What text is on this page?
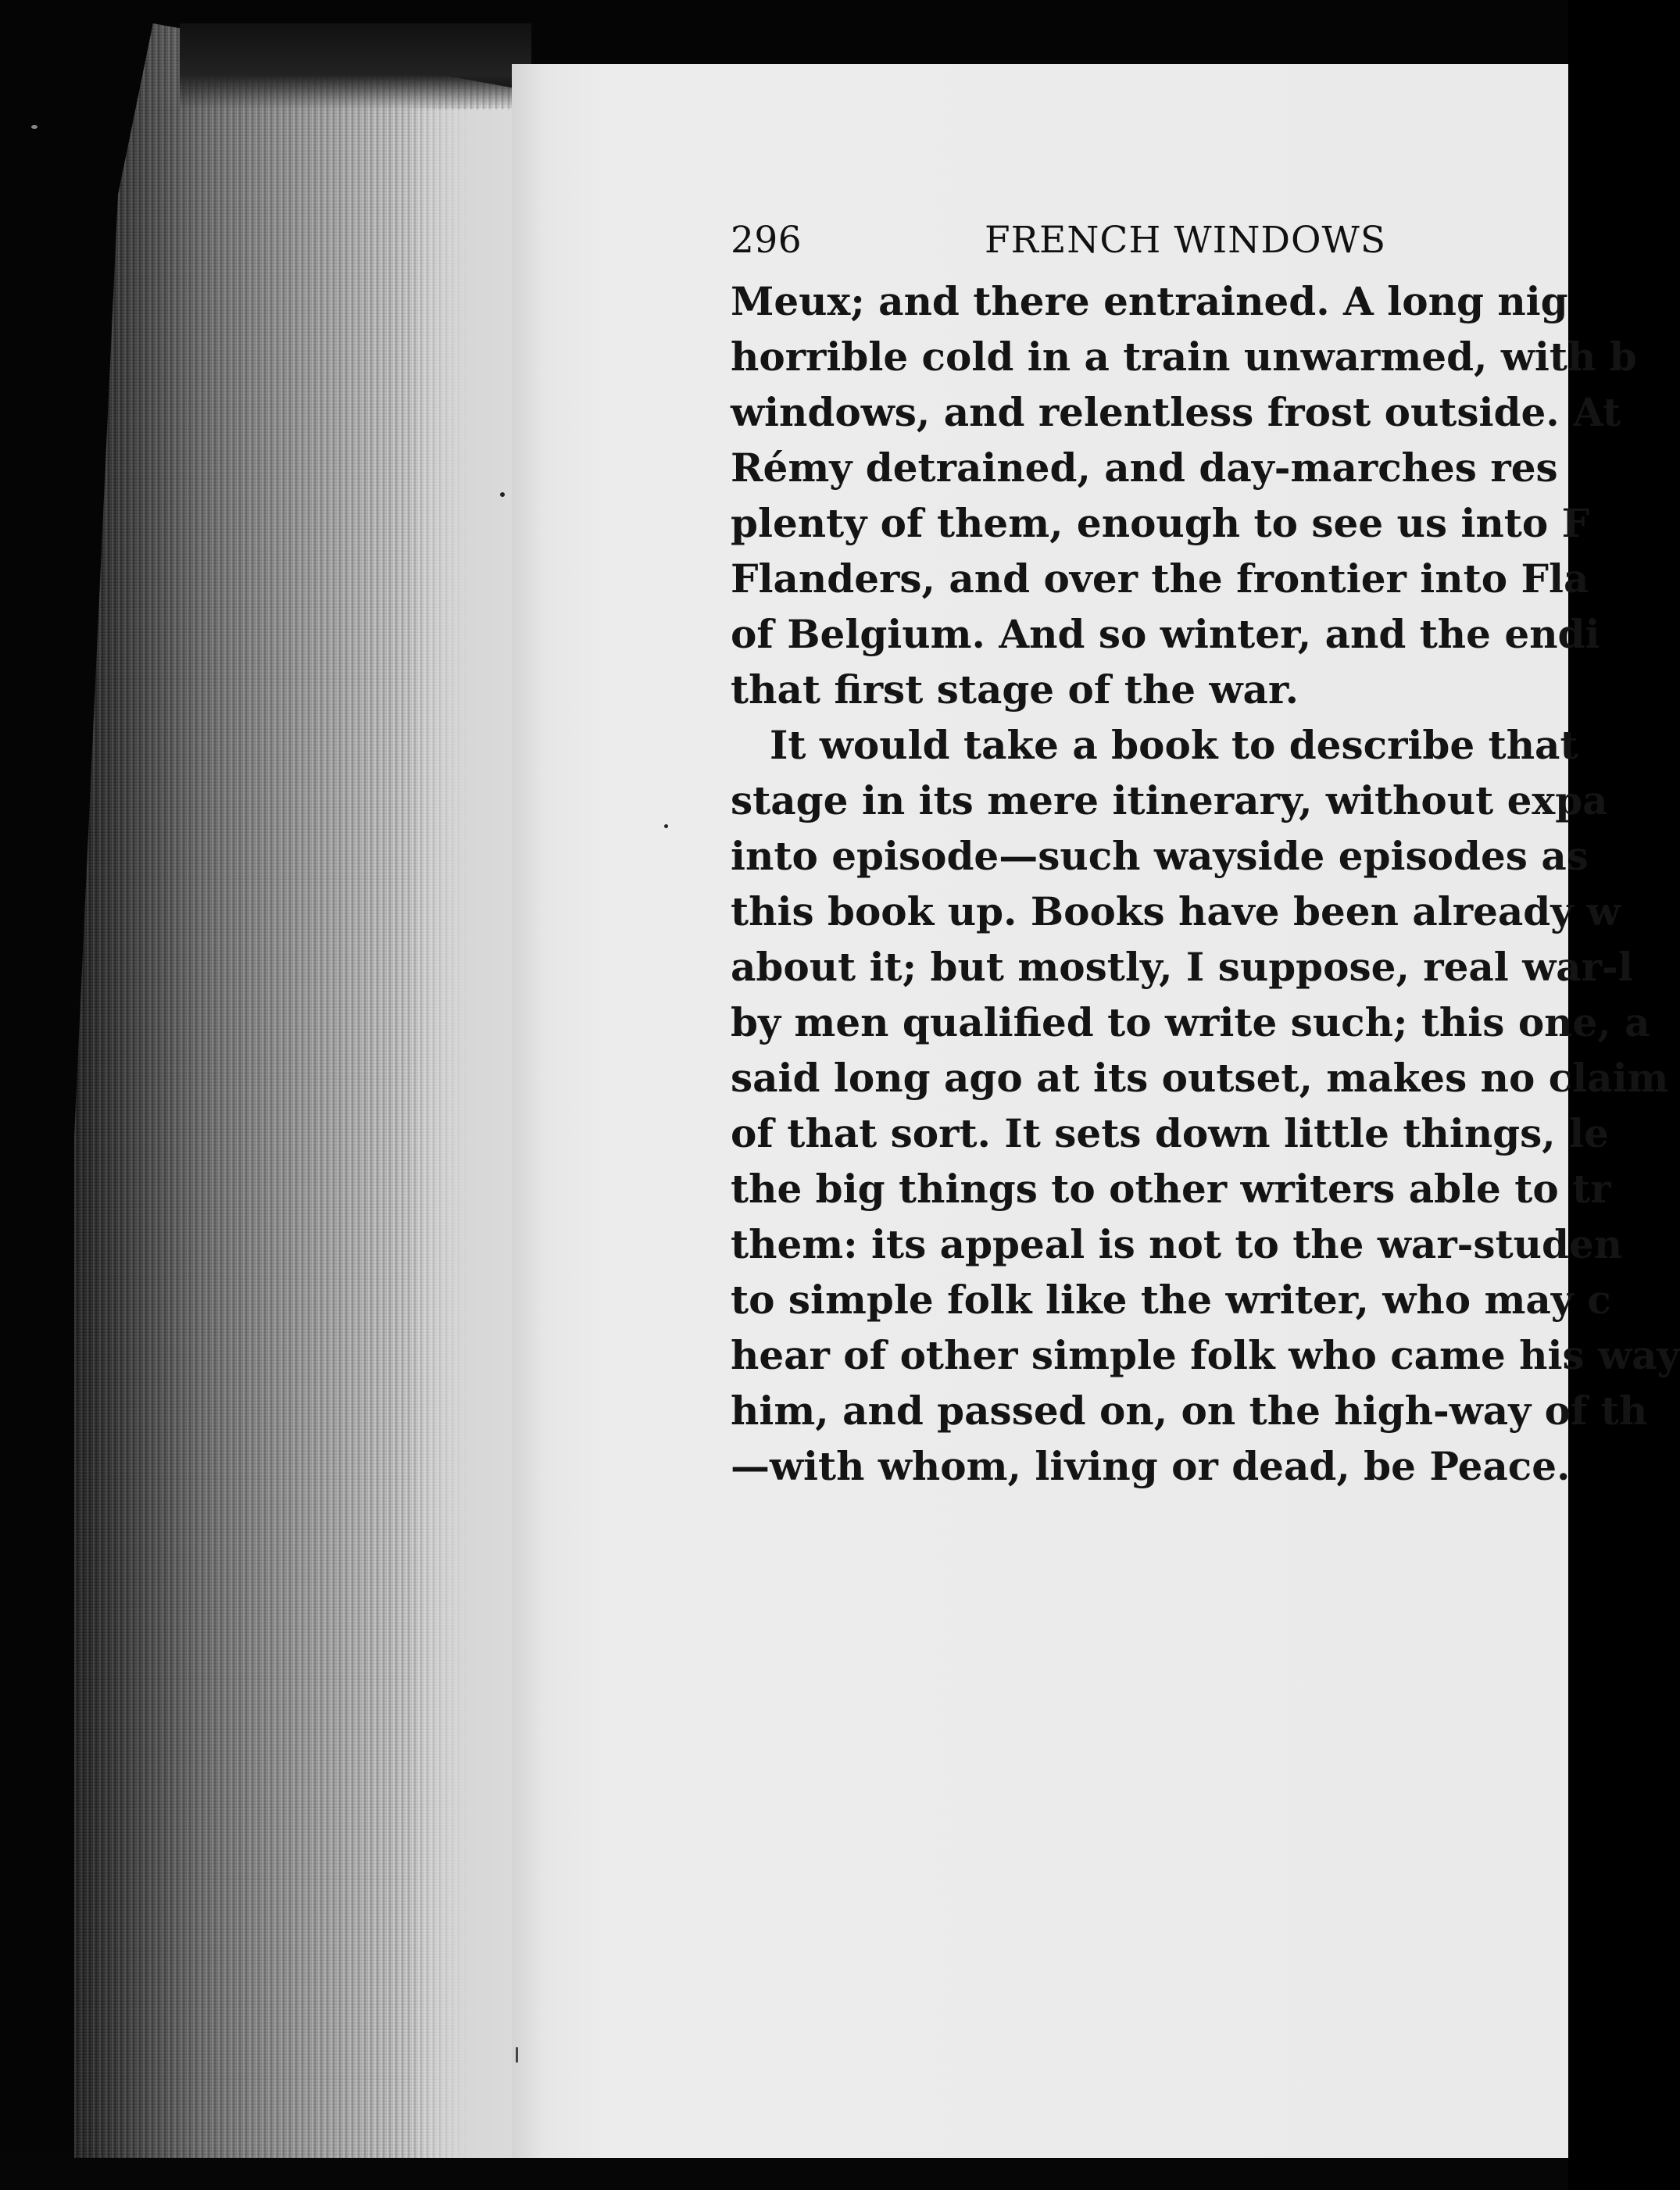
296	FRENCH WINDOWS
Meux; and there entrained. A long nig
horrible cold in a train unwarmed, with b
windows, and relentless frost outside. At
Rémy detrained, and day-marches res
plenty of them, enough to see us into F
Flanders, and over the frontier into Fla
of Belgium. And so winter, and the endi
that first stage of the war.
It would take a book to describe that
stage in its mere itinerary, without expa
into episode—such wayside episodes as
this book up. Books have been already w
about it; but mostly, I suppose, real war-l
by men qualified to write such; this one, a
said long ago at its outset, makes no claim
of that sort. It sets down little things, le
the big things to other writers able to tr
them: its appeal is not to the war-studen
to simple folk like the writer, who may c
hear of other simple folk who came his way
him, and passed on, on the high-way of th
—with whom, living or dead, be Peace.
